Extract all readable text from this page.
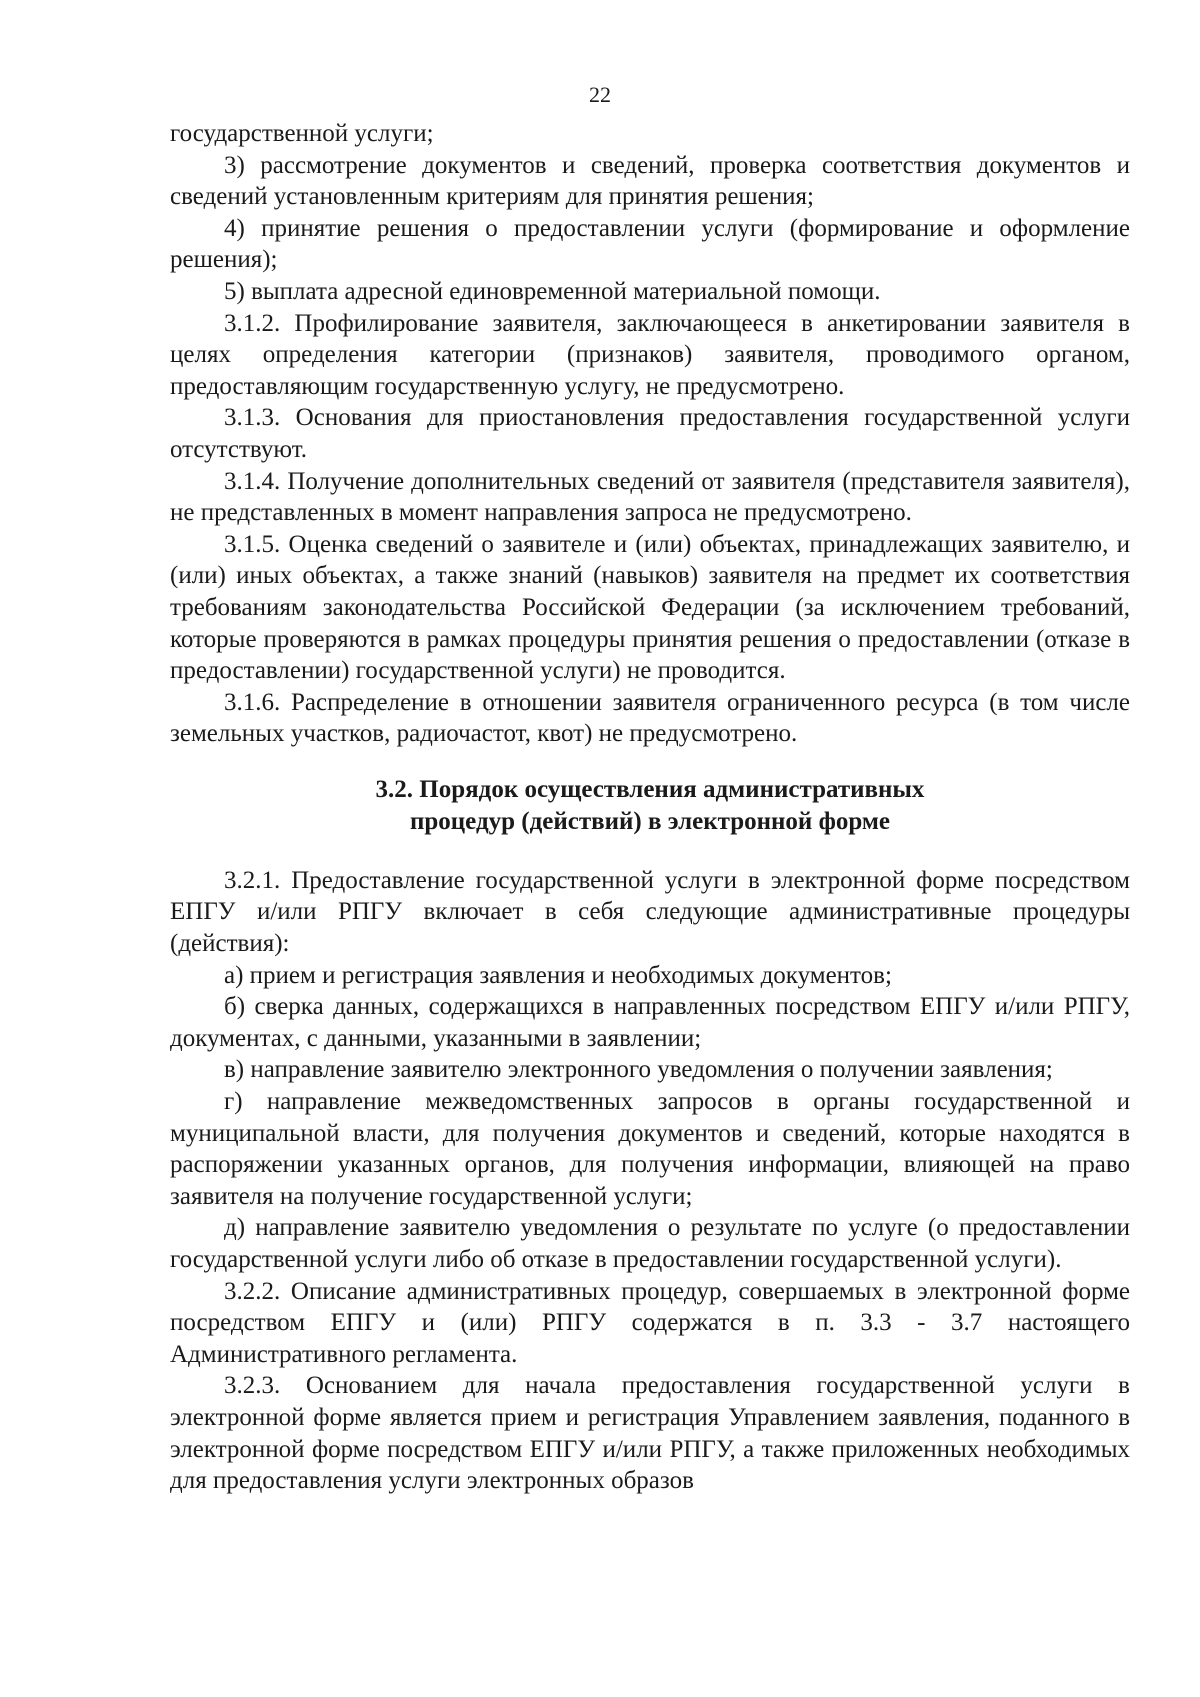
22

государственной услуги;

3) рассмотрение документов и сведений, проверка соответствия документов и сведений установленным критериям для принятия решения;

4) принятие решения о предоставлении услуги (формирование и оформление решения);

5) выплата адресной единовременной материальной помощи.

3.1.2. Профилирование заявителя, заключающееся в анкетировании заявителя в целях определения категории (признаков) заявителя, проводимого органом, предоставляющим государственную услугу, не предусмотрено.

3.1.3. Основания для приостановления предоставления государственной услуги отсутствуют.

3.1.4. Получение дополнительных сведений от заявителя (представителя заявителя), не представленных в момент направления запроса не предусмотрено.

3.1.5. Оценка сведений о заявителе и (или) объектах, принадлежащих заявителю, и (или) иных объектах, а также знаний (навыков) заявителя на предмет их соответствия требованиям законодательства Российской Федерации (за исключением требований, которые проверяются в рамках процедуры принятия решения о предоставлении (отказе в предоставлении) государственной услуги) не проводится.

3.1.6. Распределение в отношении заявителя ограниченного ресурса (в том числе земельных участков, радиочастот, квот) не предусмотрено.

3.2. Порядок осуществления административных
процедур (действий) в электронной форме

3.2.1. Предоставление государственной услуги в электронной форме посредством ЕПГУ и/или РПГУ включает в себя следующие административные процедуры (действия):

а) прием и регистрация заявления и необходимых документов;

б) сверка данных, содержащихся в направленных посредством ЕПГУ и/или РПГУ, документах, с данными, указанными в заявлении;

в) направление заявителю электронного уведомления о получении заявления;

г) направление межведомственных запросов в органы государственной и муниципальной власти, для получения документов и сведений, которые находятся в распоряжении указанных органов, для получения информации, влияющей на право заявителя на получение государственной услуги;

д) направление заявителю уведомления о результате по услуге (о предоставлении государственной услуги либо об отказе в предоставлении государственной услуги).

3.2.2. Описание административных процедур, совершаемых в электронной форме посредством ЕПГУ и (или) РПГУ содержатся в п. 3.3 - 3.7 настоящего Административного регламента.

3.2.3. Основанием для начала предоставления государственной услуги в электронной форме является прием и регистрация Управлением заявления, поданного в электронной форме посредством ЕПГУ и/или РПГУ, а также приложенных необходимых для предоставления услуги электронных образов
